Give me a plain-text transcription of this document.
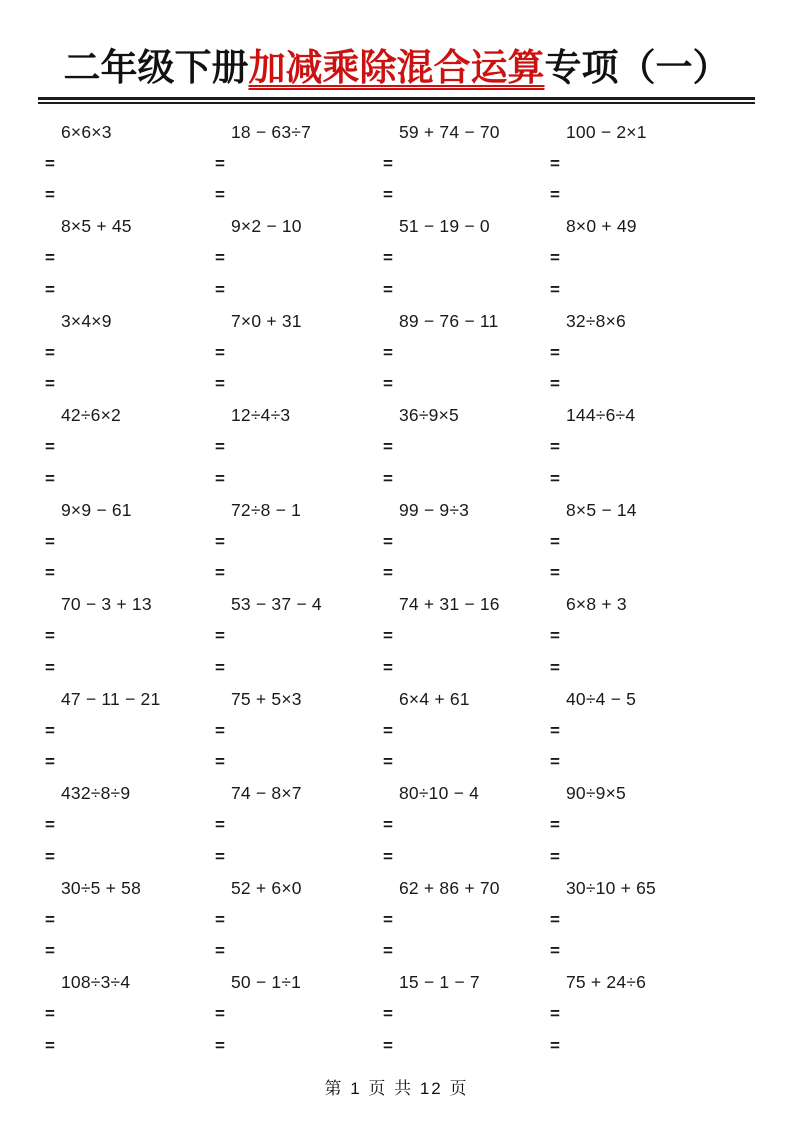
二年级下册加减乘除混合运算专项（一）
6×6×3
=
=
18 − 63÷7
=
=
59 + 74 − 70
=
=
100 − 2×1
=
=
8×5 + 45
=
=
9×2 − 10
=
=
51 − 19 − 0
=
=
8×0 + 49
=
=
3×4×9
=
=
7×0 + 31
=
=
89 − 76 − 11
=
=
32÷8×6
=
=
42÷6×2
=
=
12÷4÷3
=
=
36÷9×5
=
=
144÷6÷4
=
=
9×9 − 61
=
=
72÷8 − 1
=
=
99 − 9÷3
=
=
8×5 − 14
=
=
70 − 3 + 13
=
=
53 − 37 − 4
=
=
74 + 31 − 16
=
=
6×8 + 3
=
=
47 − 11 − 21
=
=
75 + 5×3
=
=
6×4 + 61
=
=
40÷4 − 5
=
=
432÷8÷9
=
=
74 − 8×7
=
=
80÷10 − 4
=
=
90÷9×5
=
=
30÷5 + 58
=
=
52 + 6×0
=
=
62 + 86 + 70
=
=
30÷10 + 65
=
=
108÷3÷4
=
=
50 − 1÷1
=
=
15 − 1 − 7
=
=
75 + 24÷6
=
=
第 1 页 共 12 页
